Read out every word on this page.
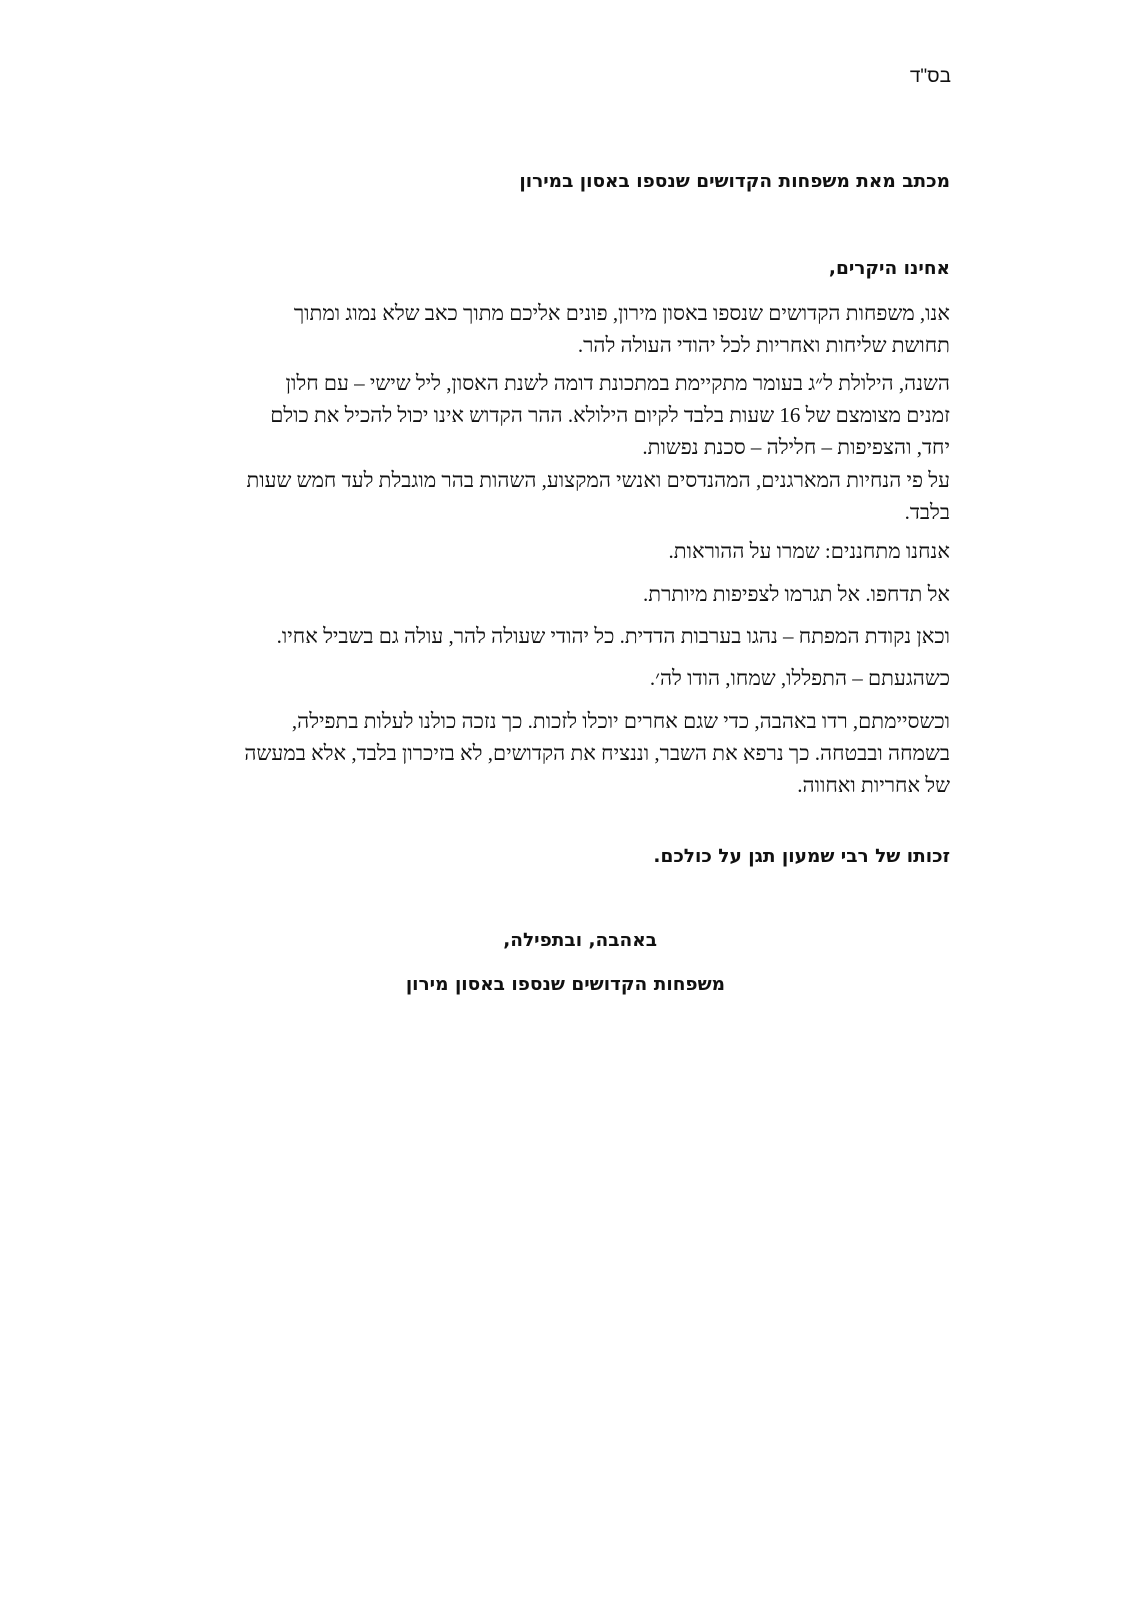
בס"ד
מכתב מאת משפחות הקדושים שנספו באסון במירון
אחינו היקרים,
אנו, משפחות הקדושים שנספו באסון מירון, פונים אליכם מתוך כאב שלא נמוג ומתוך
תחושת שליחות ואחריות לכל יהודי העולה להר.
השנה, הילולת ל״ג בעומר מתקיימת במתכונת דומה לשנת האסון, ליל שישי – עם חלון
זמנים מצומצם של 16 שעות בלבד לקיום הילולא. ההר הקדוש אינו יכול להכיל את כולם
יחד, והצפיפות – חלילה – סכנת נפשות.
על פי הנחיות המארגנים, המהנדסים ואנשי המקצוע, השהות בהר מוגבלת לעד חמש שעות
בלבד.
אנחנו מתחננים: שמרו על ההוראות.
אל תדחפו. אל תגרמו לצפיפות מיותרת.
וכאן נקודת המפתח – נהגו בערבות הדדית. כל יהודי שעולה להר, עולה גם בשביל אחיו.
כשהגעתם – התפללו, שמחו, הודו לה׳.
וכשסיימתם, רדו באהבה, כדי שגם אחרים יוכלו לזכות. כך נזכה כולנו לעלות בתפילה,
בשמחה ובבטחה. כך נרפא את השבר, וננציח את הקדושים, לא בזיכרון בלבד, אלא במעשה
של אחריות ואחווה.
זכותו של רבי שמעון תגן על כולכם.
באהבה, ובתפילה,
משפחות הקדושים שנספו באסון מירון
